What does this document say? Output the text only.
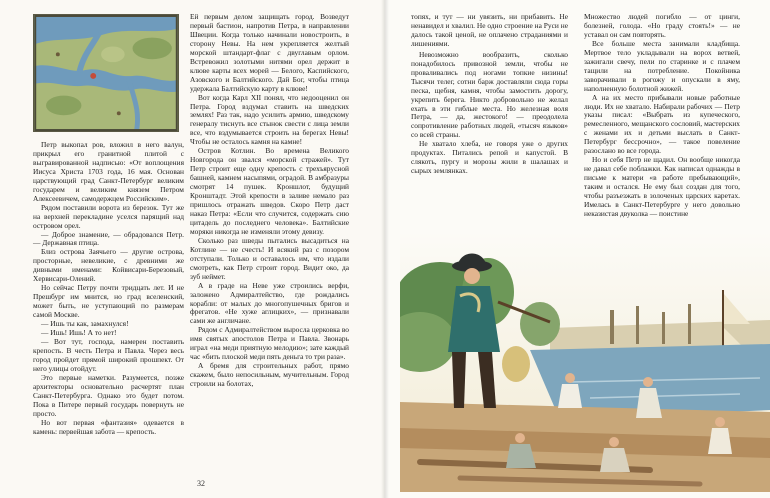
Петр выкопал ров, вложил в него валун, прикрыл его гранитной плитой с выгравированной надписью: «От воплощения Иисуса Христа 1703 года, 16 мая. Основан царствующий град Санкт-Петербург великим государем и великим князем Петром Алексеевичем, самодержцем Российским».

Рядом поставили ворота из березок. Тут же на верхней перекладине уселся парящий над островом орел.

— Доброе знамение, — обрадовался Петр. — Державная птица.

Близ острова Заячьего — другие острова, просторные, невеликие, с древними же дивными именами: Койвисари-Березовый, Хервисари-Олений.

Но сейчас Петру почти тридцать лет. И не Прешбург им мнится, но град вселенский, может быть, не уступающий по размерам самой Москве.

— Ишь ты как, замахнулся!

— Ишь! Ишь! А то нет!

— Вот тут, господа, намерен поставить крепость. В честь Петра и Павла. Через весь город пройдет прямой широкий прошпект. От него улицы отойдут.

Это первые наметки. Разумеется, позже архитекторы основательно расчертят план Санкт-Петербурга. Однако это будет потом. Пока в Питере первый государь повернуть не просто.

Но вот первая «фантазия» одевается в камень: первейшая забота — крепость.

Ей первым делом защищать город. Возведут первый бастион, напротив Петра, в направлении Швеции. Когда только начинали новостроить, в сторону Невы. На нем укрепляется желтый морской штандарт-флаг с двуглавым орлом. Встревожил золотыми нитями орел держит в клюве карты всех морей — Белого, Каспийского, Азовского и Балтийского. Дай Бог, чтобы птица удержала Балтийскую карту в клюве!

Вот когда Карл XII понял, что недооценил он Петра. Город вздумал ставить на шведских землях! Раз так, надо усилить армию, шведскому генералу тиснуть все стынок свести с лица земли все, что вздумывается строить на берегах Невы! Чтобы не осталось камня на камне!

Остров Котлин. Во времена Великого Новгорода он звался «морской стражей». Тут Петр строит еще одну крепость с трехъярусной башней, камнем насыпями, оградой. В амбразуры смотрят 14 пушек. Кроншлот, будущий Кронштадт. Этой крепости в заливе немало раз пришлось отражать шведов. Скоро Петр даст наказ Петра: «Если что случится, содержать сию цитадель до последнего человека». Балтийские моряки никогда не изменяли этому девизу.

Сколько раз шведы пытались высадиться на Котлине — не счесть! И всякий раз с позором отступали. Только и оставалось им, что издали смотреть, как Петр строит город. Видит око, да зуб неймет.

А в граде на Неве уже строились верфи, заложено Адмиралтейство, где рождались корабли: от малых до многопушечных бригов и фрегатов. «Не хуже аглицких», — признавали сами же англичане.

Рядом с Адмиралтейством выросла церковка во имя святых апостолов Петра и Павла. Звонарь играл «на меди приятную мелодию»; зате каждый час «бить плоской меди пять деньга то три раза».

А бремя для строительных работ, прямо скажем, было непосильным, мучительным. Город строили на болотах,

32

топях, и тут — ни увязить, ни прибавить. Не ненавидел и хвалил. Не одно строение на Руси не далось такой ценой, не оплачено страданиями и лишениями.

Невозможно вообразить, сколько понадобилось привозной земли, чтобы не проваливались под ногами топкие низины! Тысячи телег, сотни барж доставляли сюда горы песка, щебня, камня, чтобы замостить дорогу, укрепить берега. Никто добровольно не желал ехать в эти гиблые места. Но железная воля Петра, — да, жестокого! — преодолела сопротивление работных людей, «тысяч языков» со всей страны.

Не хватало хлеба, не говоря уже о других продуктах. Питались репой и капустой. В слякоть, пургу и морозы жили в шалашах и сырых землянках.

Множество людей погибло — от цинги, болезней, голода. «Но граду стоять!» — не уставал он сам повторять.

Все больше места занимали кладбища. Мертвое тело укладывали на ворох ветвей, зажигали свечу, пели по старинке и с плачем тащили на потребление. Покойника заворачивали в рогожу и опускали в яму, наполненную болотной жижей.

А на их место прибывали новые работные люди. Их не хватало. Набирали рабочих — Петр указы писал: «Выбрать из купеческого, ремесленного, мещанского сословий, мастерских с женами их и детьми выслать в Санкт-Петербург бессрочно», — такое повеление разослано во все города.

Но и себя Петр не щадил. Он вообще никогда не давал себе поблажки. Как написал однажды в письме к матери «в работе пребывающий», таким и остался. Не ему был создан для того, чтобы разъезжать в золоченых царских каретах. Имелась в Санкт-Петербурге у него довольно неказистая двуколка — поистине
